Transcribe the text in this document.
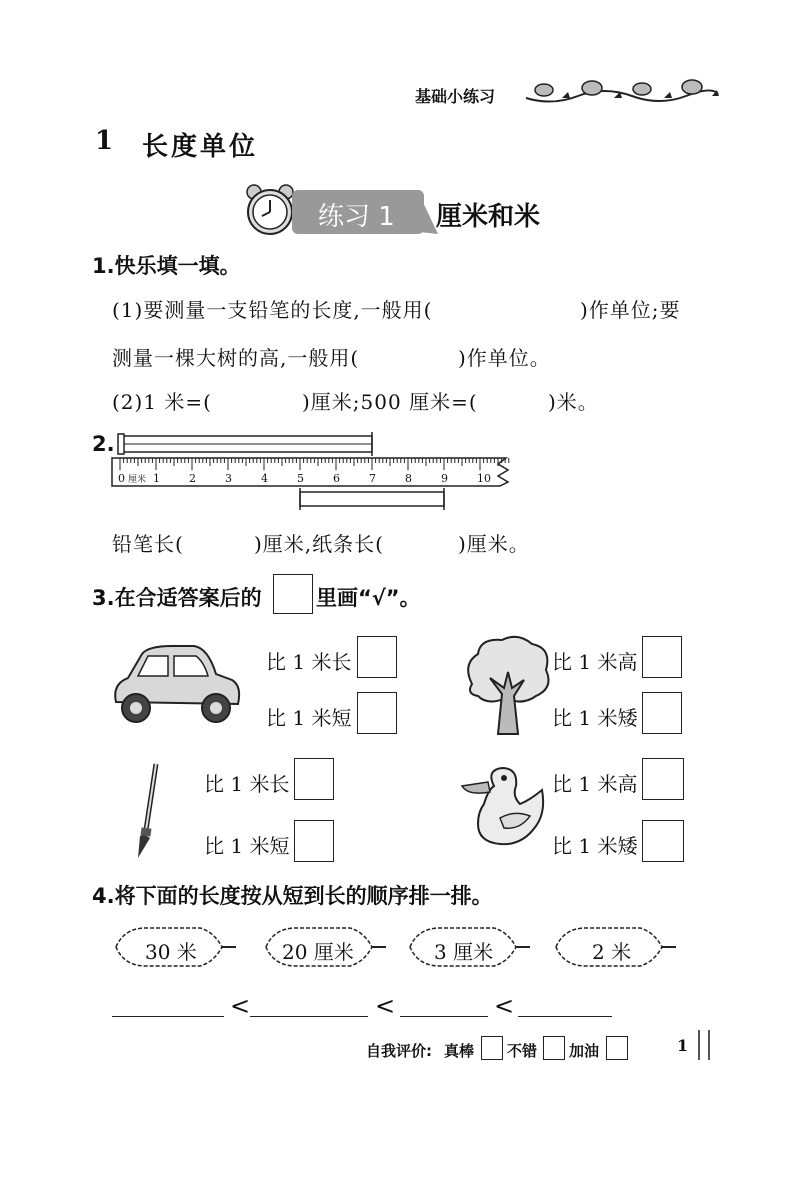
基础小练习
1 长度单位
练习 1 厘米和米
1.快乐填一填。
(1)要测量一支铅笔的长度,一般用(	)作单位;要
测量一棵大树的高,一般用(	)作单位。
(2)1 米=(	)厘米;500 厘米=(	)米。
2.
0	1	2	3	4	5	6	7	8	9	10
厘米
铅笔长(	)厘米,纸条长(	)厘米。
3.在合适答案后的	里画“√”。
比 1 米长
比 1 米短
比 1 米高
比 1 米矮
比 1 米长
比 1 米短
比 1 米高
比 1 米矮
4.将下面的长度按从短到长的顺序排一排。
30 米	20 厘米	3 厘米	2 米
<	<	<
自我评价: 真棒 不错 加油	1
